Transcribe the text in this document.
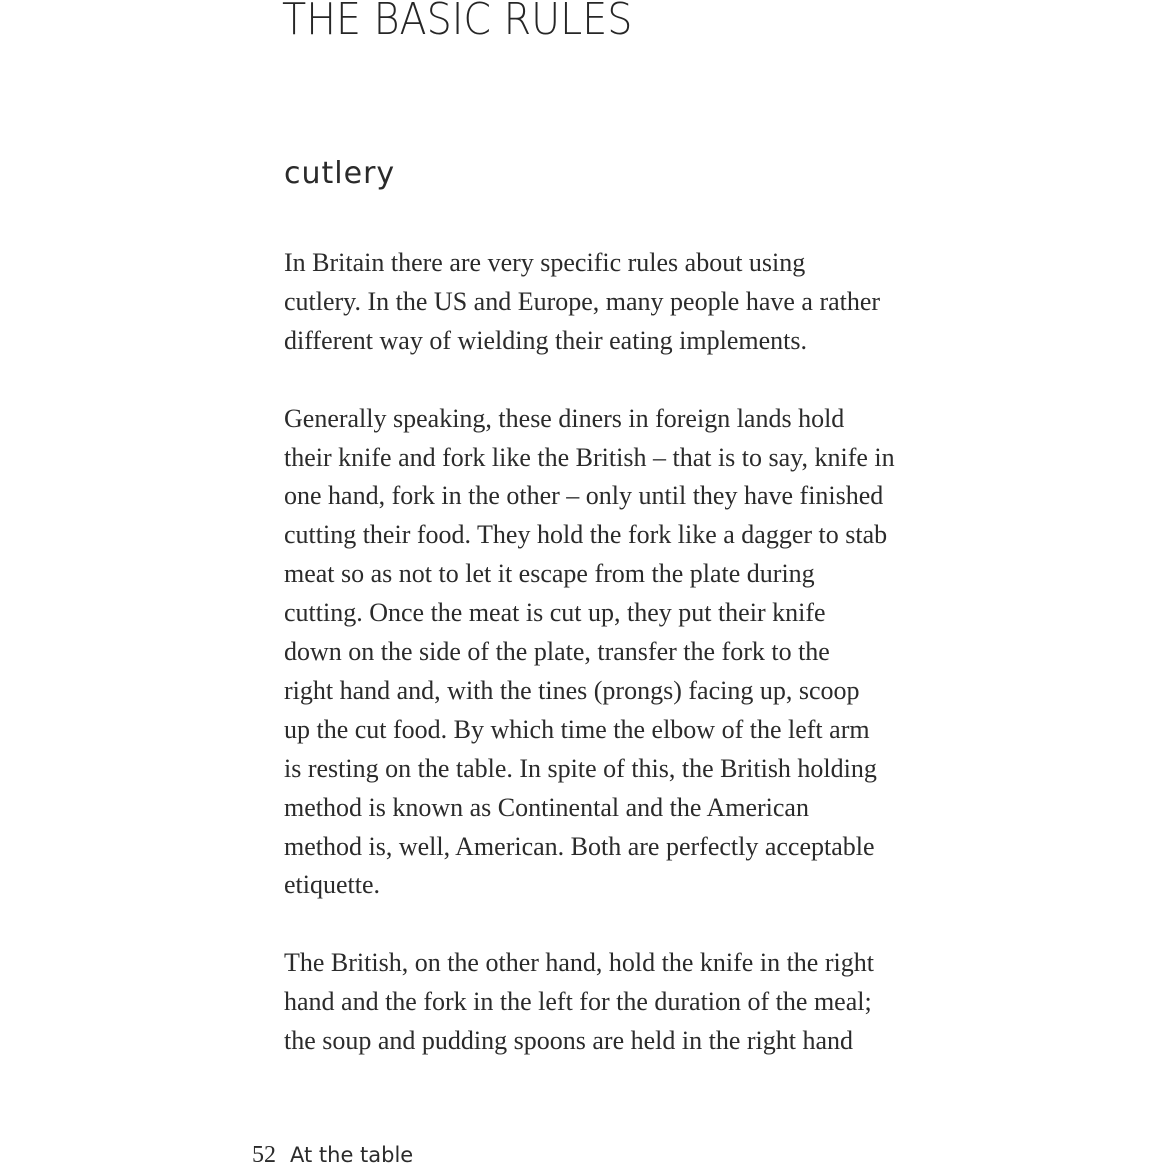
THE BASIC RULES
cutlery

In Britain there are very specific rules about using
cutlery. In the US and Europe, many people have a rather
different way of wielding their eating implements.

Generally speaking, these diners in foreign lands hold
their knife and fork like the British – that is to say, knife in
one hand, fork in the other – only until they have finished
cutting their food. They hold the fork like a dagger to stab
meat so as not to let it escape from the plate during
cutting. Once the meat is cut up, they put their knife
down on the side of the plate, transfer the fork to the
right hand and, with the tines (prongs) facing up, scoop
up the cut food. By which time the elbow of the left arm
is resting on the table. In spite of this, the British holding
method is known as Continental and the American
method is, well, American. Both are perfectly acceptable
etiquette.

The British, on the other hand, hold the knife in the right
hand and the fork in the left for the duration of the meal;
the soup and pudding spoons are held in the right hand

52 At the table
